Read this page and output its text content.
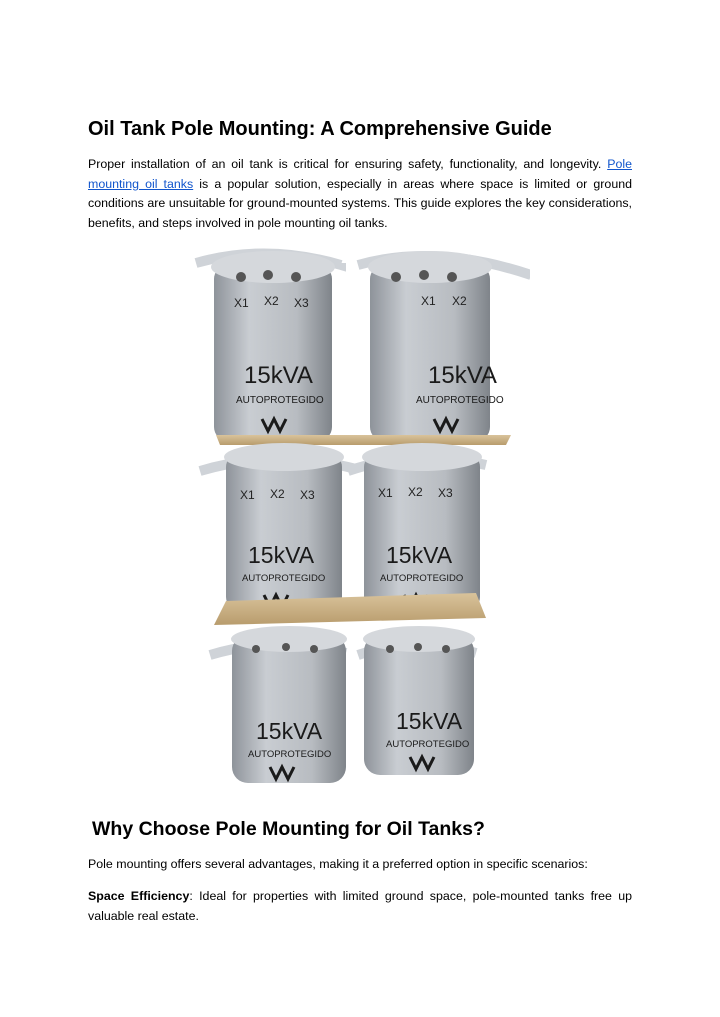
Oil Tank Pole Mounting: A Comprehensive Guide

Proper installation of an oil tank is critical for ensuring safety, functionality, and longevity. Pole mounting oil tanks is a popular solution, especially in areas where space is limited or ground conditions are unsuitable for ground-mounted systems. This guide explores the key considerations, benefits, and steps involved in pole mounting oil tanks.

X1 X2 X3
15kVA
AUTOPROTEGIDO
X1 X2
15kVA
AUTOPROTEGIDO
X1 X2 X3
15kVA
AUTOPROTEGIDO
X1 X2 X3
15kVA
AUTOPROTEGIDO
15kVA
AUTOPROTEGIDO
15kVA
AUTOPROTEGIDO
Why Choose Pole Mounting for Oil Tanks?

Pole mounting offers several advantages, making it a preferred option in specific scenarios:

Space Efficiency: Ideal for properties with limited ground space, pole-mounted tanks free up valuable real estate.
